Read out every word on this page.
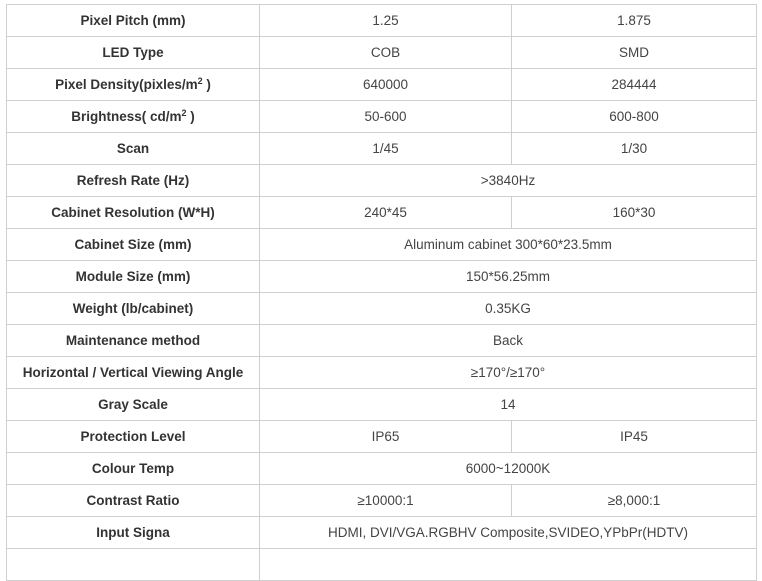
Pixel Pitch (mm)	1.25	1.875
LED Type	COB	SMD
Pixel $Density(pixles/m^2$ )	640000	284444
Brightness( $cd/m^2$ )	50-600	600-800
Scan	1/45	1/30
Refresh Rate (Hz)	>3840Hz	
Cabinet Resolution (W*H)	240*45	160*30
Cabinet Size (mm)	Aluminum cabinet 300*60*23.5mm	
Module Size (mm)	150*56.25mm	
Weight (lb/cabinet)	0.35KG	
Maintenance method	Back	
Horizontal / Vertical Viewing Angle	≥170°/≥170°	
Gray Scale	14	
Protection Level	IP65	IP45
Colour Temp	6000~12000K	
Contrast Ratio	≥10000:1	≥8,000:1
Input Signa	HDMI, DVI/VGA.RGBHV Composite,SVIDEO,YPbPr(HDTV)	
